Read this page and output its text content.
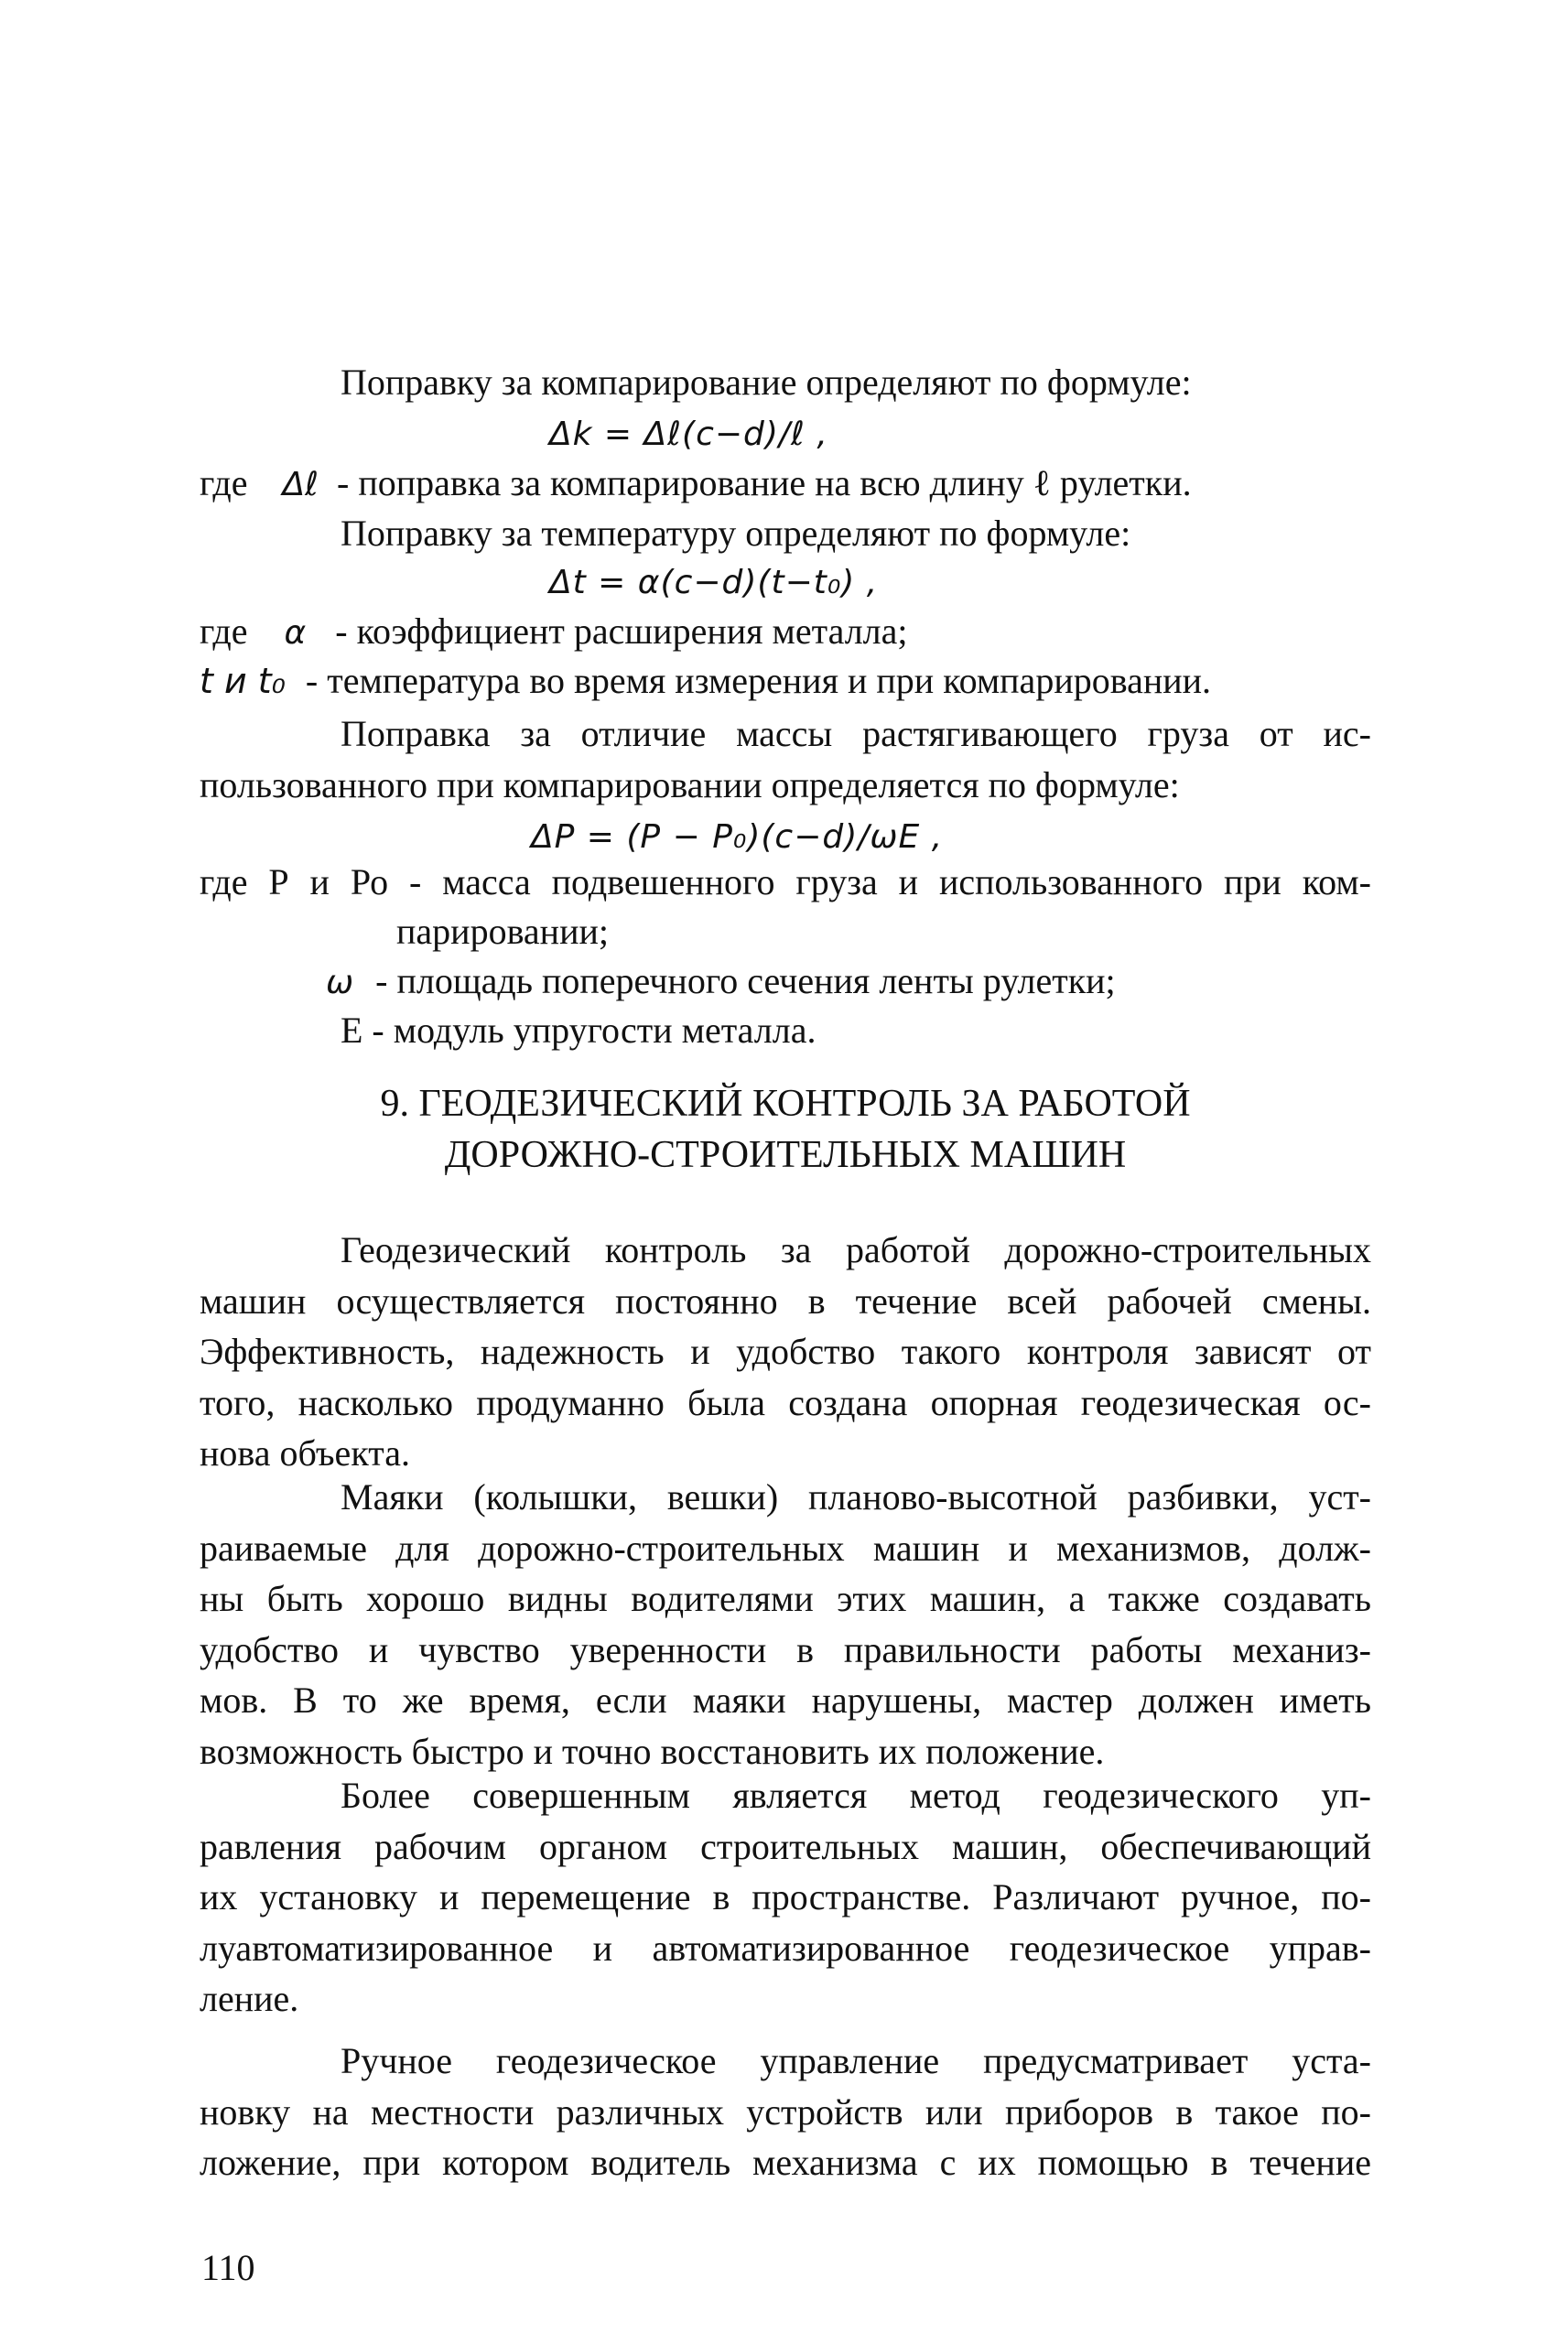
Поправку за компарирование определяют по формуле:
Δk = Δℓ(c−d)/ℓ ,
где Δℓ - поправка за компарирование на всю длину ℓ рулетки.
Поправку за температуру определяют по формуле:
Δt = α(c−d)(t−t₀) ,
где α - коэффициент расширения металла;
t и t₀ - температура во время измерения и при компарировании.
Поправка за отличие массы растягивающего груза от ис-
пользованного при компарировании определяется по формуле:
ΔP = (P − P₀)(c−d)/ωE ,
где Р и Ро - масса подвешенного груза и использованного при ком-
парировании;
ω - площадь поперечного сечения ленты рулетки;
Е - модуль упругости металла.
9. ГЕОДЕЗИЧЕСКИЙ КОНТРОЛЬ ЗА РАБОТОЙ
ДОРОЖНО-СТРОИТЕЛЬНЫХ МАШИН
Геодезический контроль за работой дорожно-строительных
машин осуществляется постоянно в течение всей рабочей смены.
Эффективность, надежность и удобство такого контроля зависят от
того, насколько продуманно была создана опорная геодезическая ос-
нова объекта.
Маяки (колышки, вешки) планово-высотной разбивки, уст-
раиваемые для дорожно-строительных машин и механизмов, долж-
ны быть хорошо видны водителями этих машин, а также создавать
удобство и чувство уверенности в правильности работы механиз-
мов. В то же время, если маяки нарушены, мастер должен иметь
возможность быстро и точно восстановить их положение.
Более совершенным является метод геодезического уп-
равления рабочим органом строительных машин, обеспечивающий
их установку и перемещение в пространстве. Различают ручное, по-
луавтоматизированное и автоматизированное геодезическое управ-
ление.
Ручное геодезическое управление предусматривает уста-
новку на местности различных устройств или приборов в такое по-
ложение, при котором водитель механизма с их помощью в течение
110
